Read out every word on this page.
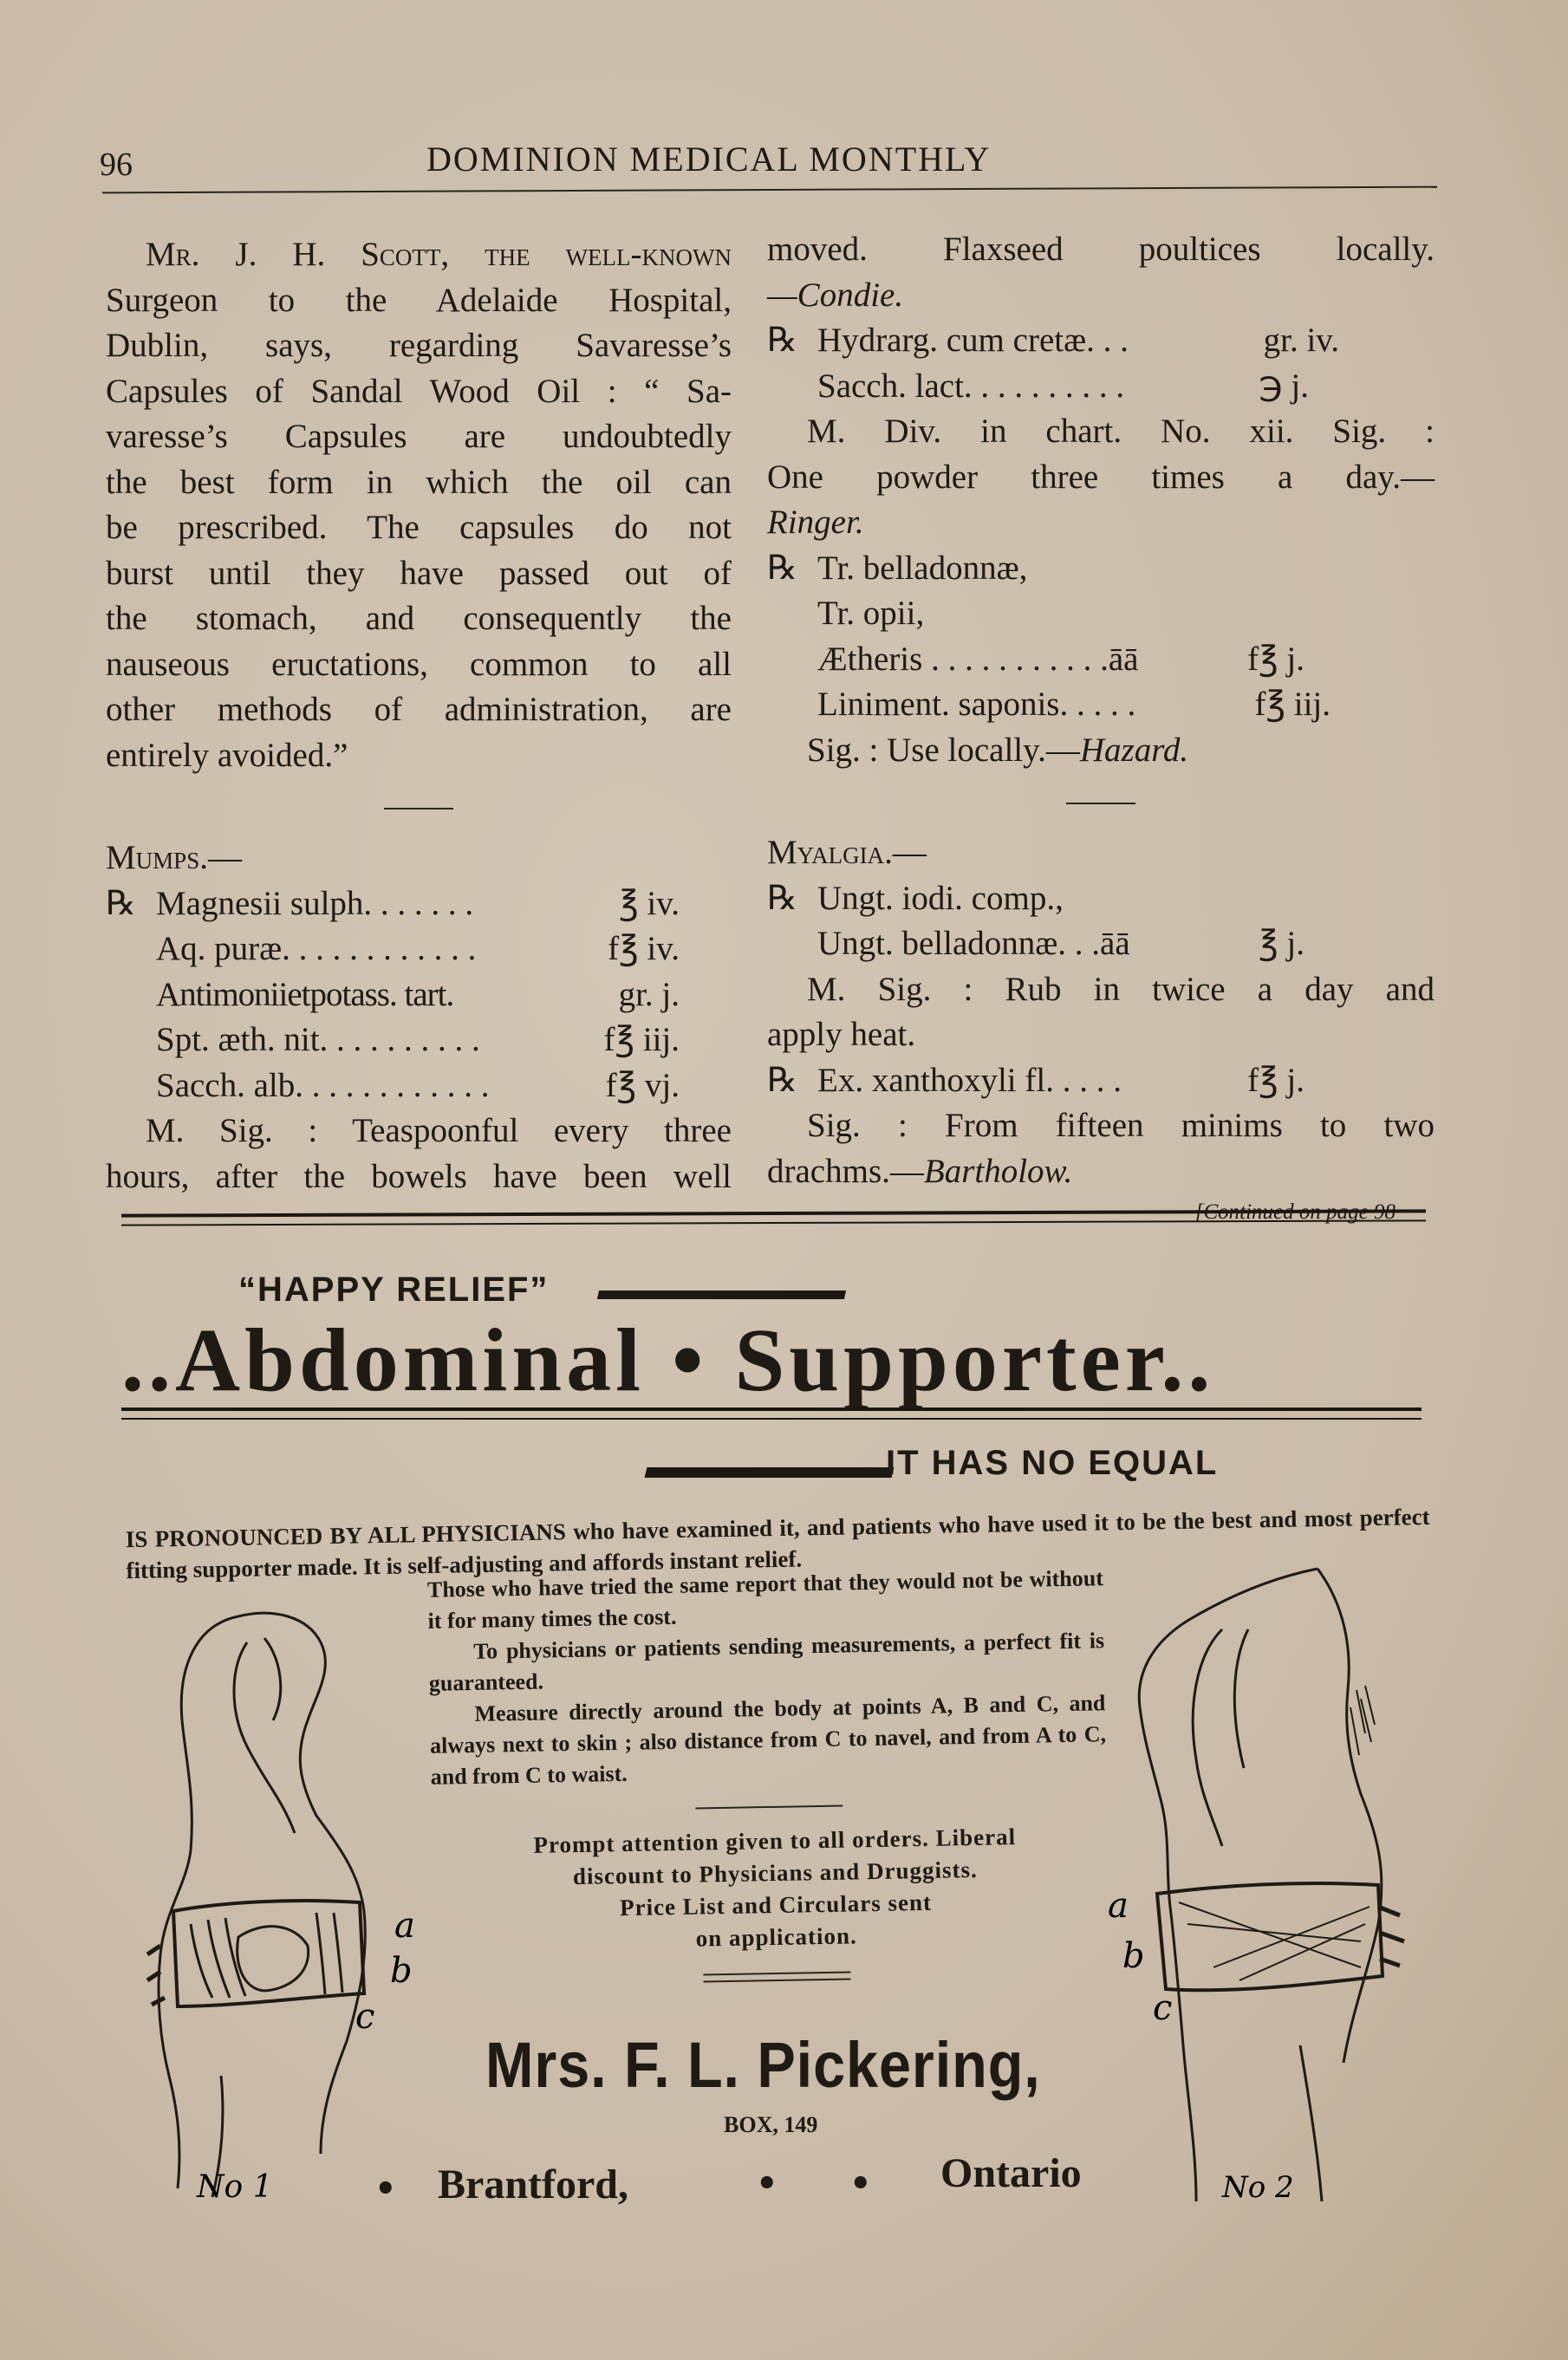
96	DOMINION MEDICAL MONTHLY
Mr. J. H. Scott, the well-known
Surgeon to the Adelaide Hospital,
Dublin, says, regarding Savaresse’s
Capsules of Sandal Wood Oil : “ Sa-
varesse’s Capsules are undoubtedly
the best form in which the oil can
be prescribed. The capsules do not
burst until they have passed out of
the stomach, and consequently the
nauseous eructations, common to all
other methods of administration, are
entirely avoided.”
Mumps.—
℞ Magnesii sulph. . . . . . .	℥ iv.
Aq. puræ. . . . . . . . . . . .	f℥ iv.
Antimoniietpotass. tart.	gr. j.
Spt. æth. nit. . . . . . . . . .	f℥ iij.
Sacch. alb. . . . . . . . . . . .	f℥ vj.
M. Sig. : Teaspoonful every three
hours, after the bowels have been well
moved. Flaxseed poultices locally.
—Condie.
℞ Hydrarg. cum cretæ. . .	gr. iv.
Sacch. lact. . . . . . . . . .	℈ j.
M. Div. in chart. No. xii. Sig. :
One powder three times a day.—
Ringer.
℞ Tr. belladonnæ,
Tr. opii,
Ætheris . . . . . . . . . . .āā	f℥ j.
Liniment. saponis. . . . .	f℥ iij.
Sig. : Use locally.—Hazard.
Myalgia.—
℞ Ungt. iodi. comp.,
Ungt. belladonnæ. . .āā	℥ j.
M. Sig. : Rub in twice a day and
apply heat.
℞ Ex. xanthoxyli fl. . . . .	f℥ j.
Sig. : From fifteen minims to two
drachms.—Bartholow.
[Continued on page 98
“HAPPY RELIEF”
..Abdominal • Supporter..
IT HAS NO EQUAL
IS PRONOUNCED BY ALL PHYSICIANS who have examined it, and patients who have used it to be the best and most perfect fitting supporter made. It is self-adjusting and affords instant relief.

Those who have tried the same report that they would not be without it for many times the cost.

To physicians or patients sending measurements, a perfect fit is guaranteed.

Measure directly around the body at points A, B and C, and always next to skin ; also distance from C to navel, and from A to C, and from C to waist.

Prompt attention given to all orders. Liberal
discount to Physicians and Druggists.
Price List and Circulars sent
on application.
Mrs. F. L. Pickering,
BOX, 149
• Brantford,	• • Ontario
a
b
c
No 1
a
b
c
No 2
